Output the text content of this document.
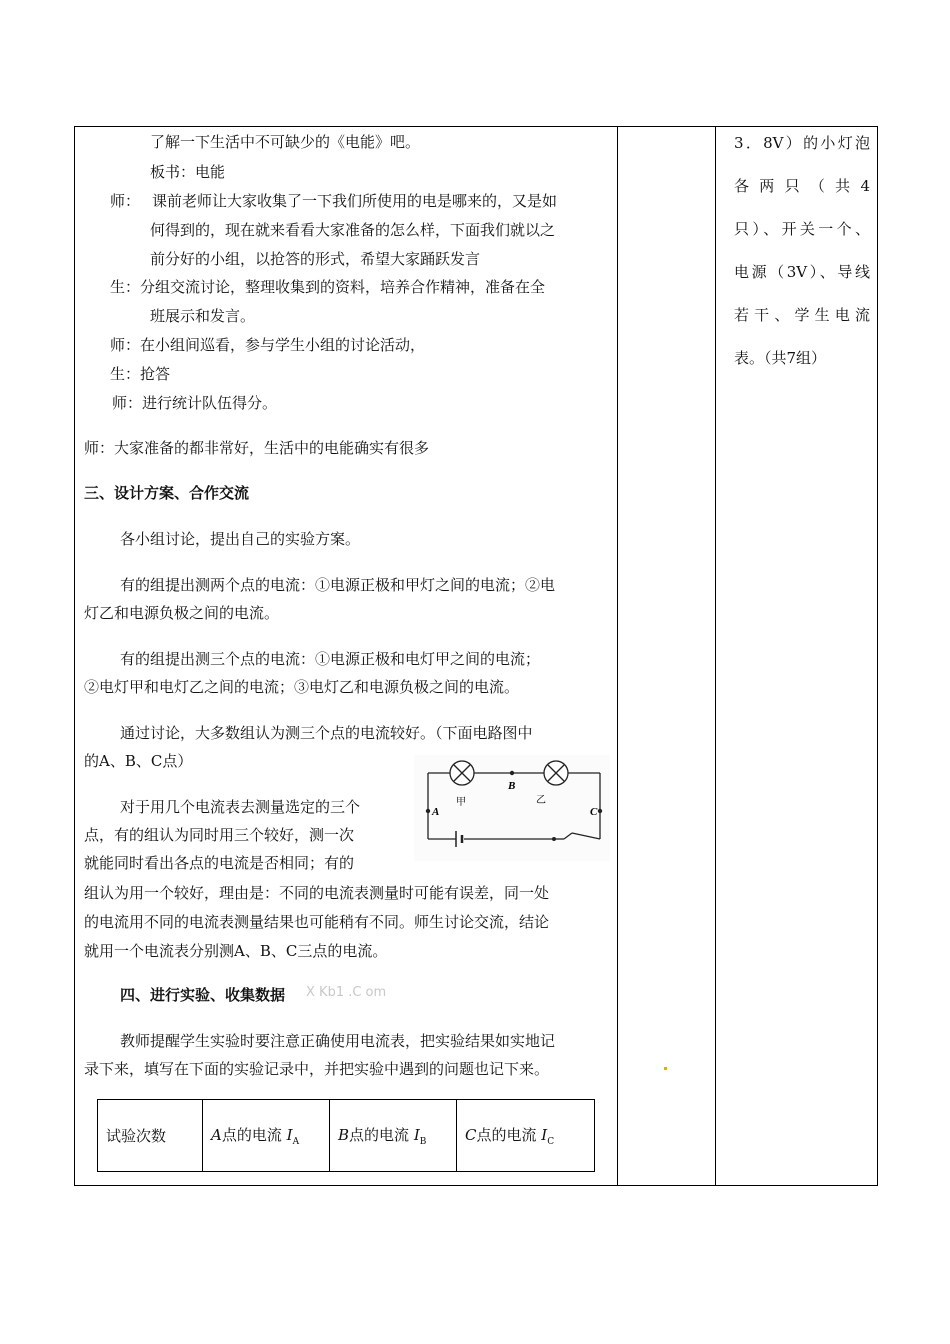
了解一下生活中不可缺少的《电能》吧。
板书：电能
师： 课前老师让大家收集了一下我们所使用的电是哪来的，又是如
何得到的，现在就来看看大家准备的怎么样，下面我们就以之
前分好的小组，以抢答的形式，希望大家踊跃发言
生：分组交流讨论，整理收集到的资料，培养合作精神，准备在全
班展示和发言。
师：在小组间巡看，参与学生小组的讨论活动，
生：抢答
师：进行统计队伍得分。
师：大家准备的都非常好，生活中的电能确实有很多
三、设计方案、合作交流
各小组讨论，提出自己的实验方案。
有的组提出测两个点的电流：①电源正极和甲灯之间的电流；②电
灯乙和电源负极之间的电流。
有的组提出测三个点的电流：①电源正极和电灯甲之间的电流；
②电灯甲和电灯乙之间的电流；③电灯乙和电源负极之间的电流。
通过讨论，大多数组认为测三个点的电流较好。（下面电路图中
的A、B、C点）
对于用几个电流表去测量选定的三个
点，有的组认为同时用三个较好，测一次
就能同时看出各点的电流是否相同；有的
组认为用一个较好，理由是：不同的电流表测量时可能有误差，同一处
的电流用不同的电流表测量结果也可能稍有不同。师生讨论交流，结论
就用一个电流表分别测A、B、C三点的电流。
四、进行实验、收集数据 X Kb1 .C om
教师提醒学生实验时要注意正确使用电流表，把实验结果如实地记
录下来，填写在下面的实验记录中，并把实验中遇到的问题也记下来。
A
B
C
甲	乙
试验次数	A点的电流 $I_A$	B点的电流 $I_B$	C点的电流 $I_C$
3．8V）的小灯泡
各两只（共4
只）、开关一个、
电源（3V）、导线
若干、学生电流
表。（共7组）
